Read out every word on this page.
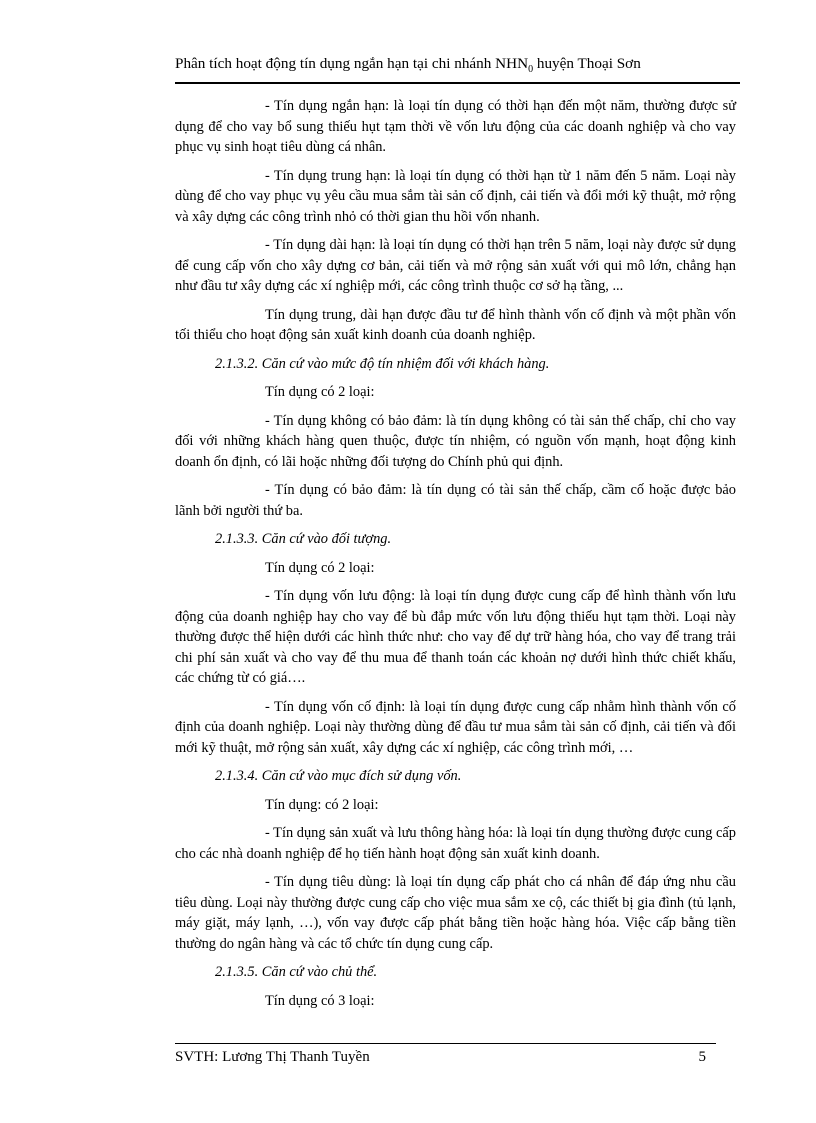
Phân tích hoạt động tín dụng ngắn hạn tại chi nhánh $NHN_0$ huyện Thoại Sơn

- Tín dụng ngắn hạn: là loại tín dụng có thời hạn đến một năm, thường được sử dụng để cho vay bổ sung thiếu hụt tạm thời về vốn lưu động của các doanh nghiệp và cho vay phục vụ sinh hoạt tiêu dùng cá nhân.

- Tín dụng trung hạn: là loại tín dụng có thời hạn từ 1 năm đến 5 năm. Loại này dùng để cho vay phục vụ yêu cầu mua sắm tài sản cố định, cải tiến và đổi mới kỹ thuật, mở rộng và xây dựng các công trình nhỏ có thời gian thu hồi vốn nhanh.

- Tín dụng dài hạn: là loại tín dụng có thời hạn trên 5 năm, loại này được sử dụng để cung cấp vốn cho xây dựng cơ bản, cải tiến và mở rộng sản xuất với qui mô lớn, chẳng hạn như đầu tư xây dựng các xí nghiệp mới, các công trình thuộc cơ sở hạ tầng, ...

Tín dụng trung, dài hạn được đầu tư để hình thành vốn cố định và một phần vốn tối thiểu cho hoạt động sản xuất kinh doanh của doanh nghiệp.

2.1.3.2. Căn cứ vào mức độ tín nhiệm đối với khách hàng.

Tín dụng có 2 loại:

- Tín dụng không có bảo đảm: là tín dụng không có tài sản thế chấp, chỉ cho vay đối với những khách hàng quen thuộc, được tín nhiệm, có nguồn vốn mạnh, hoạt động kinh doanh ổn định, có lãi hoặc những đối tượng do Chính phủ qui định.

- Tín dụng có bảo đảm: là tín dụng có tài sản thế chấp, cầm cố hoặc được bảo lãnh bởi người thứ ba.

2.1.3.3. Căn cứ vào đối tượng.

Tín dụng có 2 loại:

- Tín dụng vốn lưu động: là loại tín dụng được cung cấp để hình thành vốn lưu động của doanh nghiệp hay cho vay để bù đắp mức vốn lưu động thiếu hụt tạm thời. Loại này thường được thể hiện dưới các hình thức như: cho vay để dự trữ hàng hóa, cho vay để trang trải chi phí sản xuất và cho vay để thu mua để thanh toán các khoản nợ dưới hình thức chiết khấu, các chứng từ có giá….

- Tín dụng vốn cố định: là loại tín dụng được cung cấp nhằm hình thành vốn cố định của doanh nghiệp. Loại này thường dùng để đầu tư mua sắm tài sản cố định, cải tiến và đổi mới kỹ thuật, mở rộng sản xuất, xây dựng các xí nghiệp, các công trình mới, …

2.1.3.4. Căn cứ vào mục đích sử dụng vốn.

Tín dụng: có 2 loại:

- Tín dụng sản xuất và lưu thông hàng hóa: là loại tín dụng thường được cung cấp cho các nhà doanh nghiệp để họ tiến hành hoạt động sản xuất kinh doanh.

- Tín dụng tiêu dùng: là loại tín dụng cấp phát cho cá nhân để đáp ứng nhu cầu tiêu dùng. Loại này thường được cung cấp cho việc mua sắm xe cộ, các thiết bị gia đình (tủ lạnh, máy giặt, máy lạnh, …), vốn vay được cấp phát bằng tiền hoặc hàng hóa. Việc cấp bằng tiền thường do ngân hàng và các tổ chức tín dụng cung cấp.

2.1.3.5. Căn cứ vào chủ thể.

Tín dụng có 3 loại:

SVTH: Lương Thị Thanh Tuyền	5
